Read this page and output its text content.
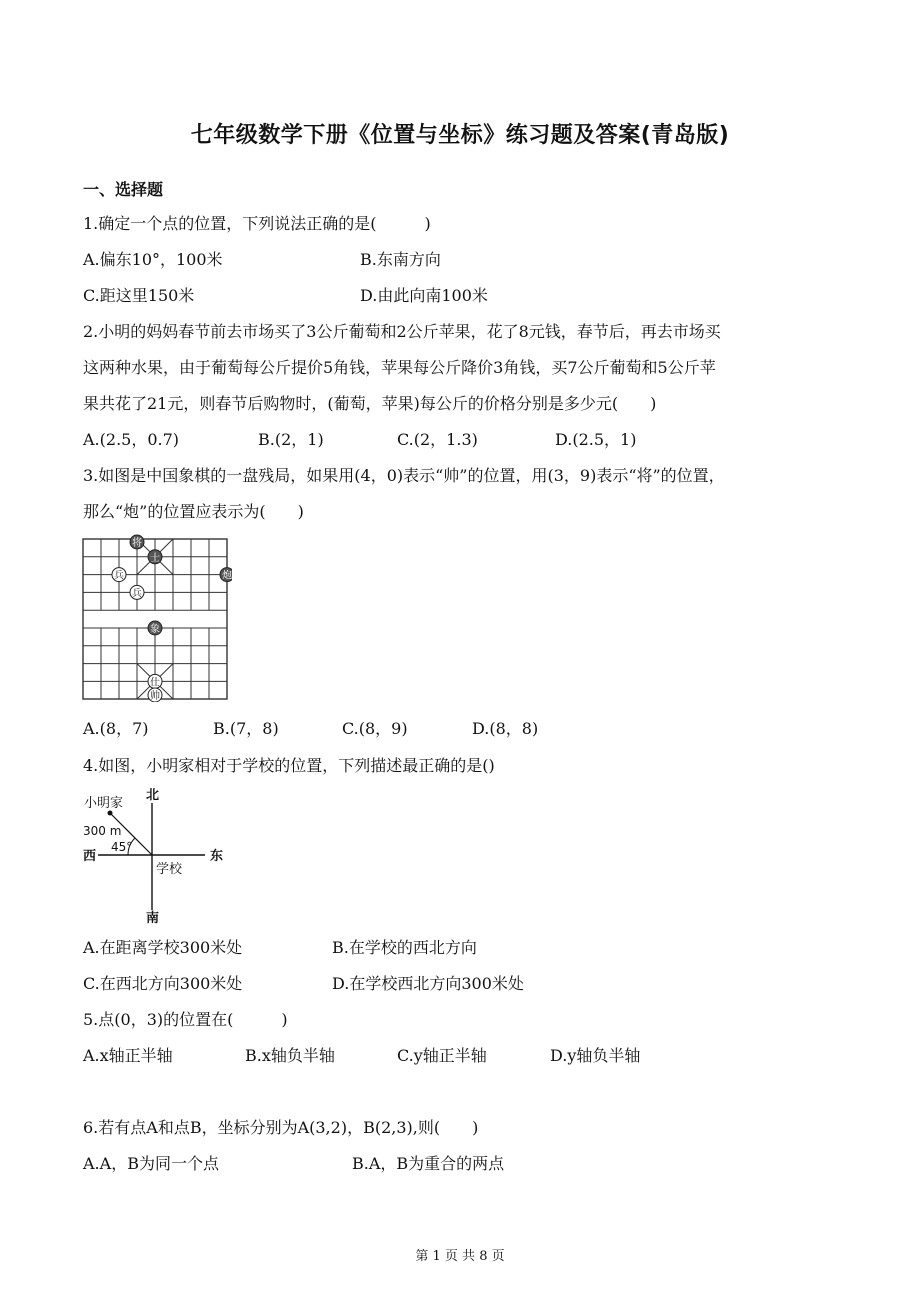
七年级数学下册《位置与坐标》练习题及答案(青岛版)
一、选择题
1.确定一个点的位置，下列说法正确的是(　　　)
A.偏东10°，100米	B.东南方向
C.距这里150米	D.由此向南100米
2.小明的妈妈春节前去市场买了3公斤葡萄和2公斤苹果，花了8元钱，春节后，再去市场买
这两种水果，由于葡萄每公斤提价5角钱，苹果每公斤降价3角钱，买7公斤葡萄和5公斤苹
果共花了21元，则春节后购物时，(葡萄，苹果)每公斤的价格分别是多少元(　　)
A.(2.5，0.7)	B.(2，1)	C.(2，1.3)	D.(2.5，1)
3.如图是中国象棋的一盘残局，如果用(4，0)表示“帅”的位置，用(3，9)表示“将”的位置，
那么“炮”的位置应表示为(　　)
将
士
炮
兵
兵
象
仕
帅
A.(8，7)	B.(7，8)	C.(8，9)	D.(8，8)
4.如图，小明家相对于学校的位置，下列描述最正确的是()
小明家
北
南
西	东
学校
300 m
45°
A.在距离学校300米处	B.在学校的西北方向
C.在西北方向300米处	D.在学校西北方向300米处
5.点(0，3)的位置在(　　　)
A.x轴正半轴	B.x轴负半轴	C.y轴正半轴	D.y轴负半轴
6.若有点A和点B，坐标分别为A(3,2)，B(2,3),则(　　)
A.A，B为同一个点	B.A，B为重合的两点
第 1 页 共 8 页
